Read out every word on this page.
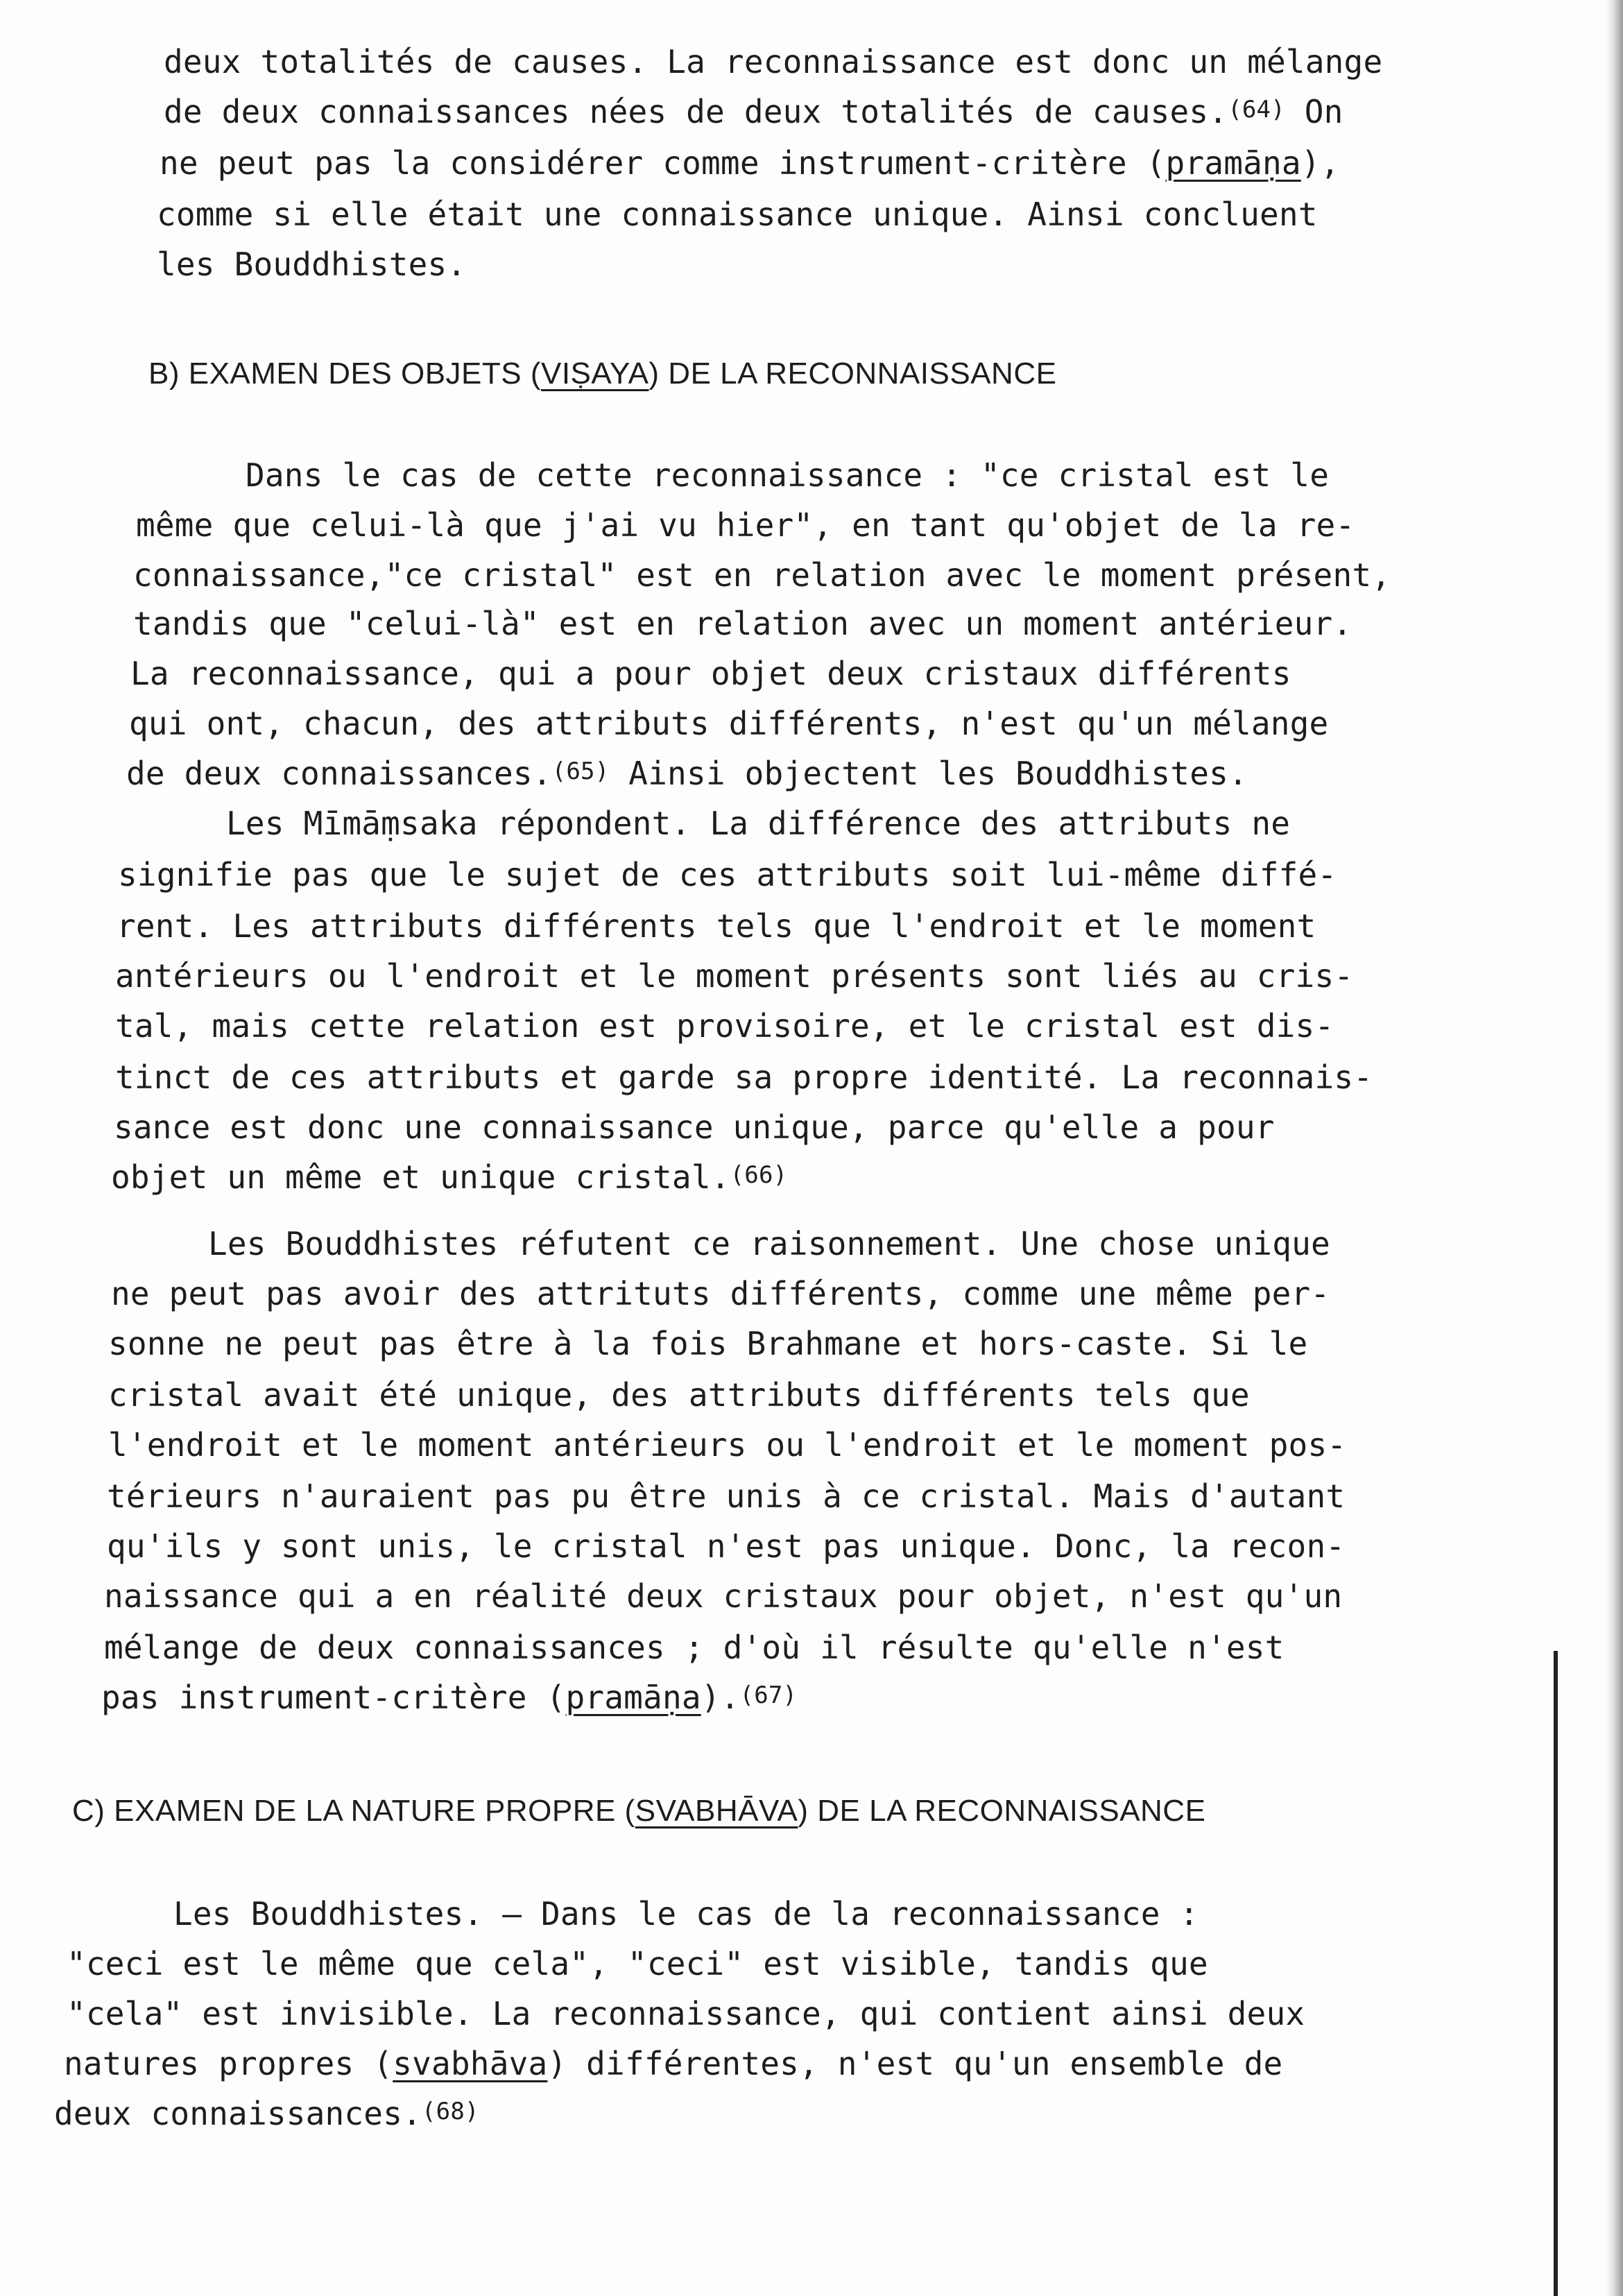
deux totalités de causes. La reconnaissance est donc un mélange
de deux connaissances nées de deux totalités de causes.$^{(64)}$ On
ne peut pas la considérer comme instrument-critère (pramāṇa),
comme si elle était une connaissance unique. Ainsi concluent
les Bouddhistes.
B) EXAMEN DES OBJETS (VIṢAYA) DE LA RECONNAISSANCE
Dans le cas de cette reconnaissance : "ce cristal est le
même que celui-là que j'ai vu hier", en tant qu'objet de la re-
connaissance,"ce cristal" est en relation avec le moment présent,
tandis que "celui-là" est en relation avec un moment antérieur.
La reconnaissance, qui a pour objet deux cristaux différents
qui ont, chacun, des attributs différents, n'est qu'un mélange
de deux connaissances.$^{(65)}$ Ainsi objectent les Bouddhistes.
Les Mīmāṃsaka répondent. La différence des attributs ne
signifie pas que le sujet de ces attributs soit lui-même diffé-
rent. Les attributs différents tels que l'endroit et le moment
antérieurs ou l'endroit et le moment présents sont liés au cris-
tal, mais cette relation est provisoire, et le cristal est dis-
tinct de ces attributs et garde sa propre identité. La reconnais-
sance est donc une connaissance unique, parce qu'elle a pour
objet un même et unique cristal.$^{(66)}$
Les Bouddhistes réfutent ce raisonnement. Une chose unique
ne peut pas avoir des attrituts différents, comme une même per-
sonne ne peut pas être à la fois Brahmane et hors-caste. Si le
cristal avait été unique, des attributs différents tels que
l'endroit et le moment antérieurs ou l'endroit et le moment pos-
térieurs n'auraient pas pu être unis à ce cristal. Mais d'autant
qu'ils y sont unis, le cristal n'est pas unique. Donc, la recon-
naissance qui a en réalité deux cristaux pour objet, n'est qu'un
mélange de deux connaissances ; d'où il résulte qu'elle n'est
pas instrument-critère (pramāṇa).$^{(67)}$
C) EXAMEN DE LA NATURE PROPRE (SVABHĀVA) DE LA RECONNAISSANCE
Les Bouddhistes. — Dans le cas de la reconnaissance :
"ceci est le même que cela", "ceci" est visible, tandis que
"cela" est invisible. La reconnaissance, qui contient ainsi deux
natures propres (svabhāva) différentes, n'est qu'un ensemble de
deux connaissances.$^{(68)}$
